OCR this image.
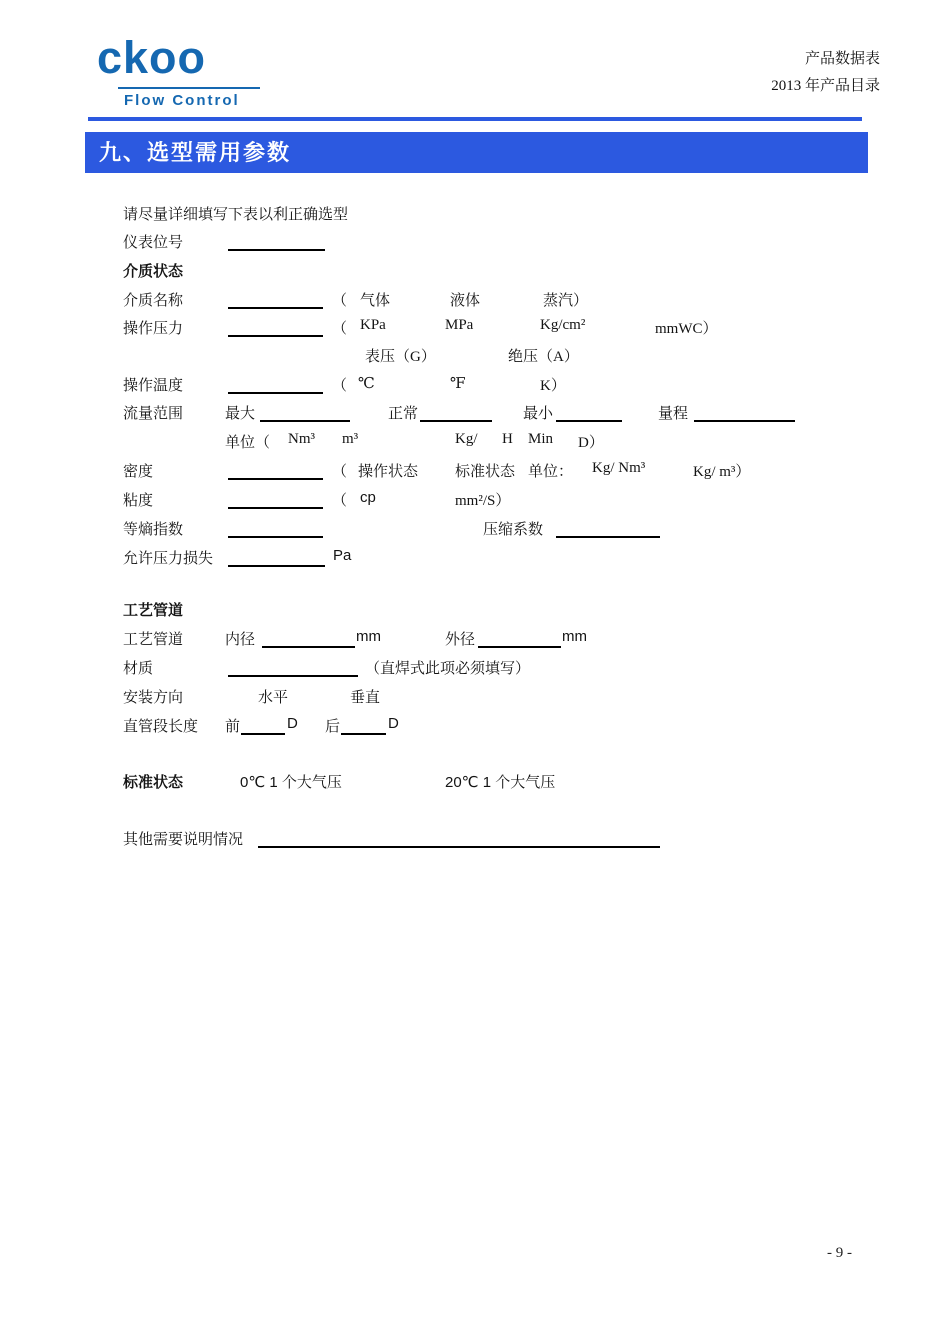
ckoo
Flow Control
产品数据表
2013 年产品目录
九、选型需用参数
请尽量详细填写下表以利正确选型
仪表位号
介质状态
介质名称	（ 气体	液体	蒸汽）
操作压力	（ KPa	MPa	Kg/cm²	mmWC）
表压（G）	绝压（A）
操作温度	（ ℃	℉	K）
流量范围	最大	正常	最小	量程
单位（ Nm³ m³	Kg/ H Min D）
密度	（ 操作状态 标准状态 单位： Kg/ Nm³	Kg/ m³）
粘度	（ cp	mm²/S）
等熵指数	压缩系数
允许压力损失	Pa
工艺管道
工艺管道	内径	mm	外径	mm
材质	（直焊式此项必须填写）
安装方向	水平	垂直
直管段长度 前	D 后	D
标准状态	0℃ 1 个大气压	20℃ 1 个大气压
其他需要说明情况
- 9 -
